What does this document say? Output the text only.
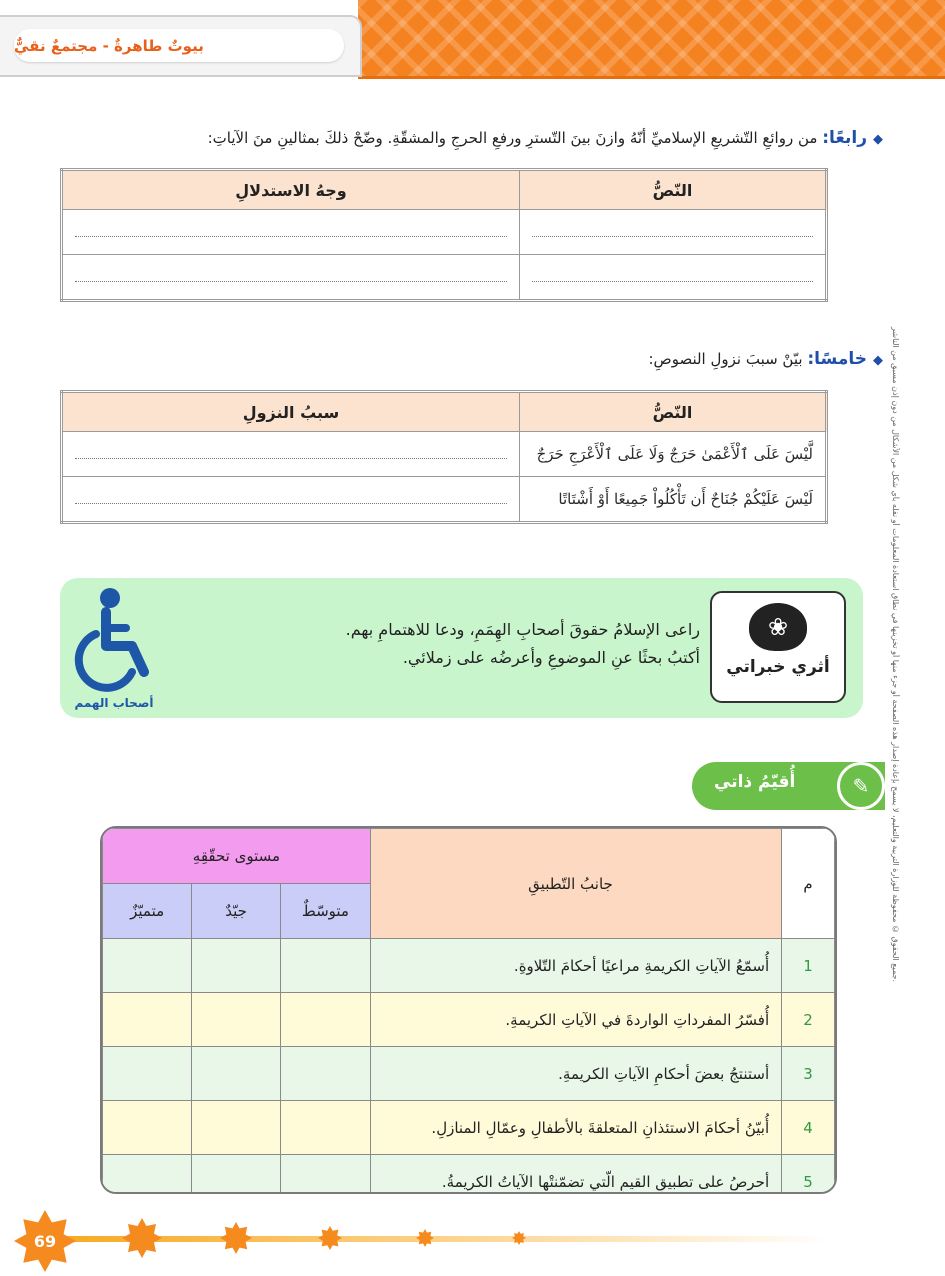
بيوتٌ طاهرةٌ - مجتمعٌ نقيٌّ
جميع الحقوق © محفوظة للوزارة التربية والتعليم، لا يسمح بإعادة إصدار هذه الصفحة أو جزء منها أو تخزينها في نطاق استعادة المعلومات أو نقله بأي شكل من الأشكال من دون إذن مسبق من الناشر.
◆رابعًا: من روائعِ التّشريعِ الإسلاميِّ أنّهُ وازنَ بينَ التّسترِ ورفعِ الحرجِ والمشقّةِ. وضّحْ ذلكَ بمثالينِ منَ الآياتِ:
النّصُّ	وجهُ الاستدلالِ

◆خامسًا: بيّنْ سببَ نزولِ النصوصِ:
النّصُّ	سببُ النزولِ
لَّيْسَ عَلَى ٱلْأَعْمَىٰ حَرَجٌ وَلَا عَلَى ٱلْأَعْرَجِ حَرَجٌ	

لَيْسَ عَلَيْكُمْ جُنَاحٌ أَن تَأْكُلُواْ جَمِيعًا أَوْ أَشْتَاتًا	
أصحاب الهمم
راعى الإسلامُ حقوقَ أصحابِ الهِمَمِ، ودعا للاهتمامِ بهم.
أكتبُ بحثًا عنِ الموضوعِ وأعرضُه على زملائي.
❀
أثري خبراتي
أُقيّمُ ذاتي	✎
م	جانبُ التّطبيقِ	مستوى تحقّقِهِ		
		متوسّطٌ	جيّدٌ	متميّزٌ
1	أُسمّعُ الآياتِ الكريمةِ مراعيًا أحكامَ التّلاوةِ.			
2	أُفسّرُ المفرداتِ الواردةَ في الآياتِ الكريمةِ.			
3	أستنتجُ بعضَ أحكامِ الآياتِ الكريمةِ.			
4	أُبيّنُ أحكامَ الاستئذانِ المتعلقةَ بالأطفالِ وعمّالِ المنازلِ.			
5	أحرصُ على تطبيقِ القيمِ الّتي تضمّنتْها الآياتُ الكريمةُ.			
69
